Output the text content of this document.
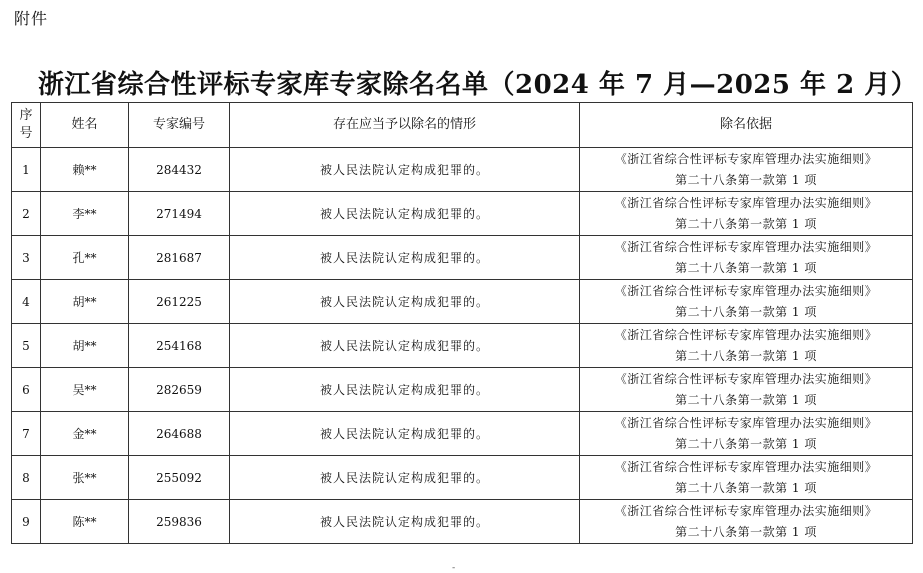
附件
浙江省综合性评标专家库专家除名名单（2024 年 7 月—2025 年 2 月）
序
号	姓名	专家编号	存在应当予以除名的情形	除名依据
1	赖**	284432	被人民法院认定构成犯罪的。	《浙江省综合性评标专家库管理办法实施细则》
第二十八条第一款第 1 项

2	李**	271494	被人民法院认定构成犯罪的。	《浙江省综合性评标专家库管理办法实施细则》
第二十八条第一款第 1 项

3	孔**	281687	被人民法院认定构成犯罪的。	《浙江省综合性评标专家库管理办法实施细则》
第二十八条第一款第 1 项

4	胡**	261225	被人民法院认定构成犯罪的。	《浙江省综合性评标专家库管理办法实施细则》
第二十八条第一款第 1 项

5	胡**	254168	被人民法院认定构成犯罪的。	《浙江省综合性评标专家库管理办法实施细则》
第二十八条第一款第 1 项

6	吴**	282659	被人民法院认定构成犯罪的。	《浙江省综合性评标专家库管理办法实施细则》
第二十八条第一款第 1 项

7	金**	264688	被人民法院认定构成犯罪的。	《浙江省综合性评标专家库管理办法实施细则》
第二十八条第一款第 1 项

8	张**	255092	被人民法院认定构成犯罪的。	《浙江省综合性评标专家库管理办法实施细则》
第二十八条第一款第 1 项

9	陈**	259836	被人民法院认定构成犯罪的。	《浙江省综合性评标专家库管理办法实施细则》
第二十八条第一款第 1 项
-
